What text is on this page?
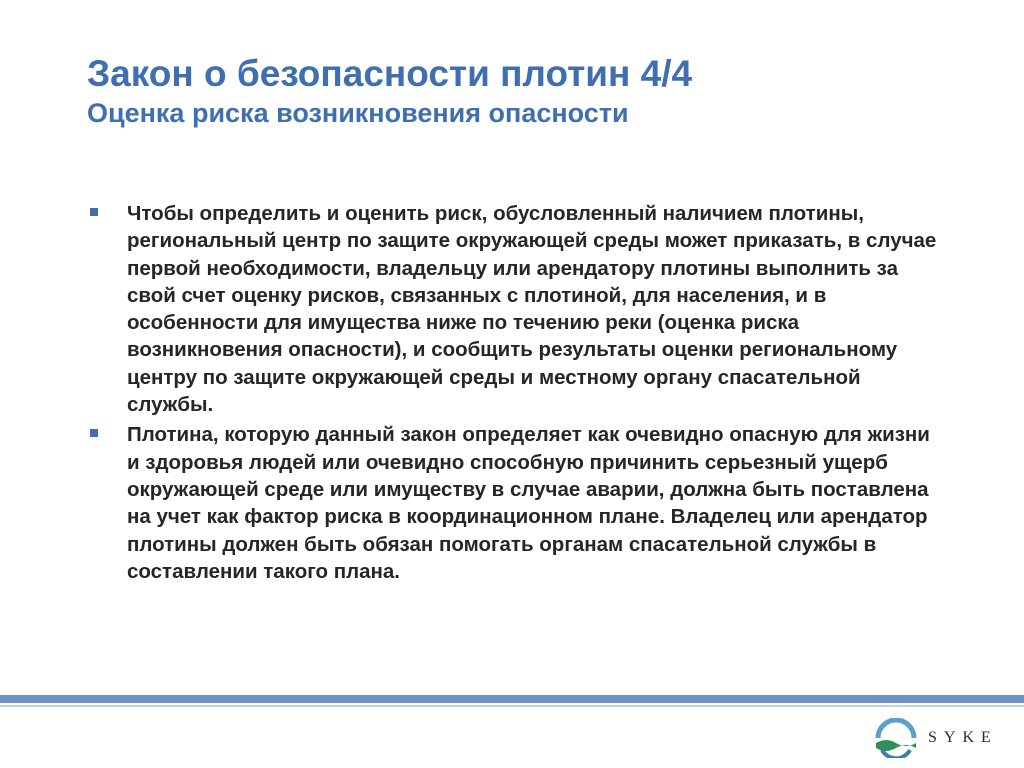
Закон о безопасности плотин 4/4
Оценка риска возникновения опасности
Чтобы определить и оценить риск, обусловленный наличием плотины, региональный центр по защите окружающей среды может приказать, в случае первой необходимости, владельцу или арендатору плотины выполнить за свой счет оценку рисков, связанных с плотиной, для населения, и в особенности для имущества ниже по течению реки (оценка риска возникновения опасности), и сообщить результаты оценки региональному центру по защите окружающей среды и местному органу спасательной службы.
Плотина, которую данный закон определяет как очевидно опасную для жизни и здоровья людей или очевидно способную причинить серьезный ущерб окружающей среде или имуществу в случае аварии, должна быть поставлена на учет как фактор риска в координационном плане. Владелец или арендатор плотины должен быть обязан помогать органам спасательной службы в составлении такого плана.
SYKE
